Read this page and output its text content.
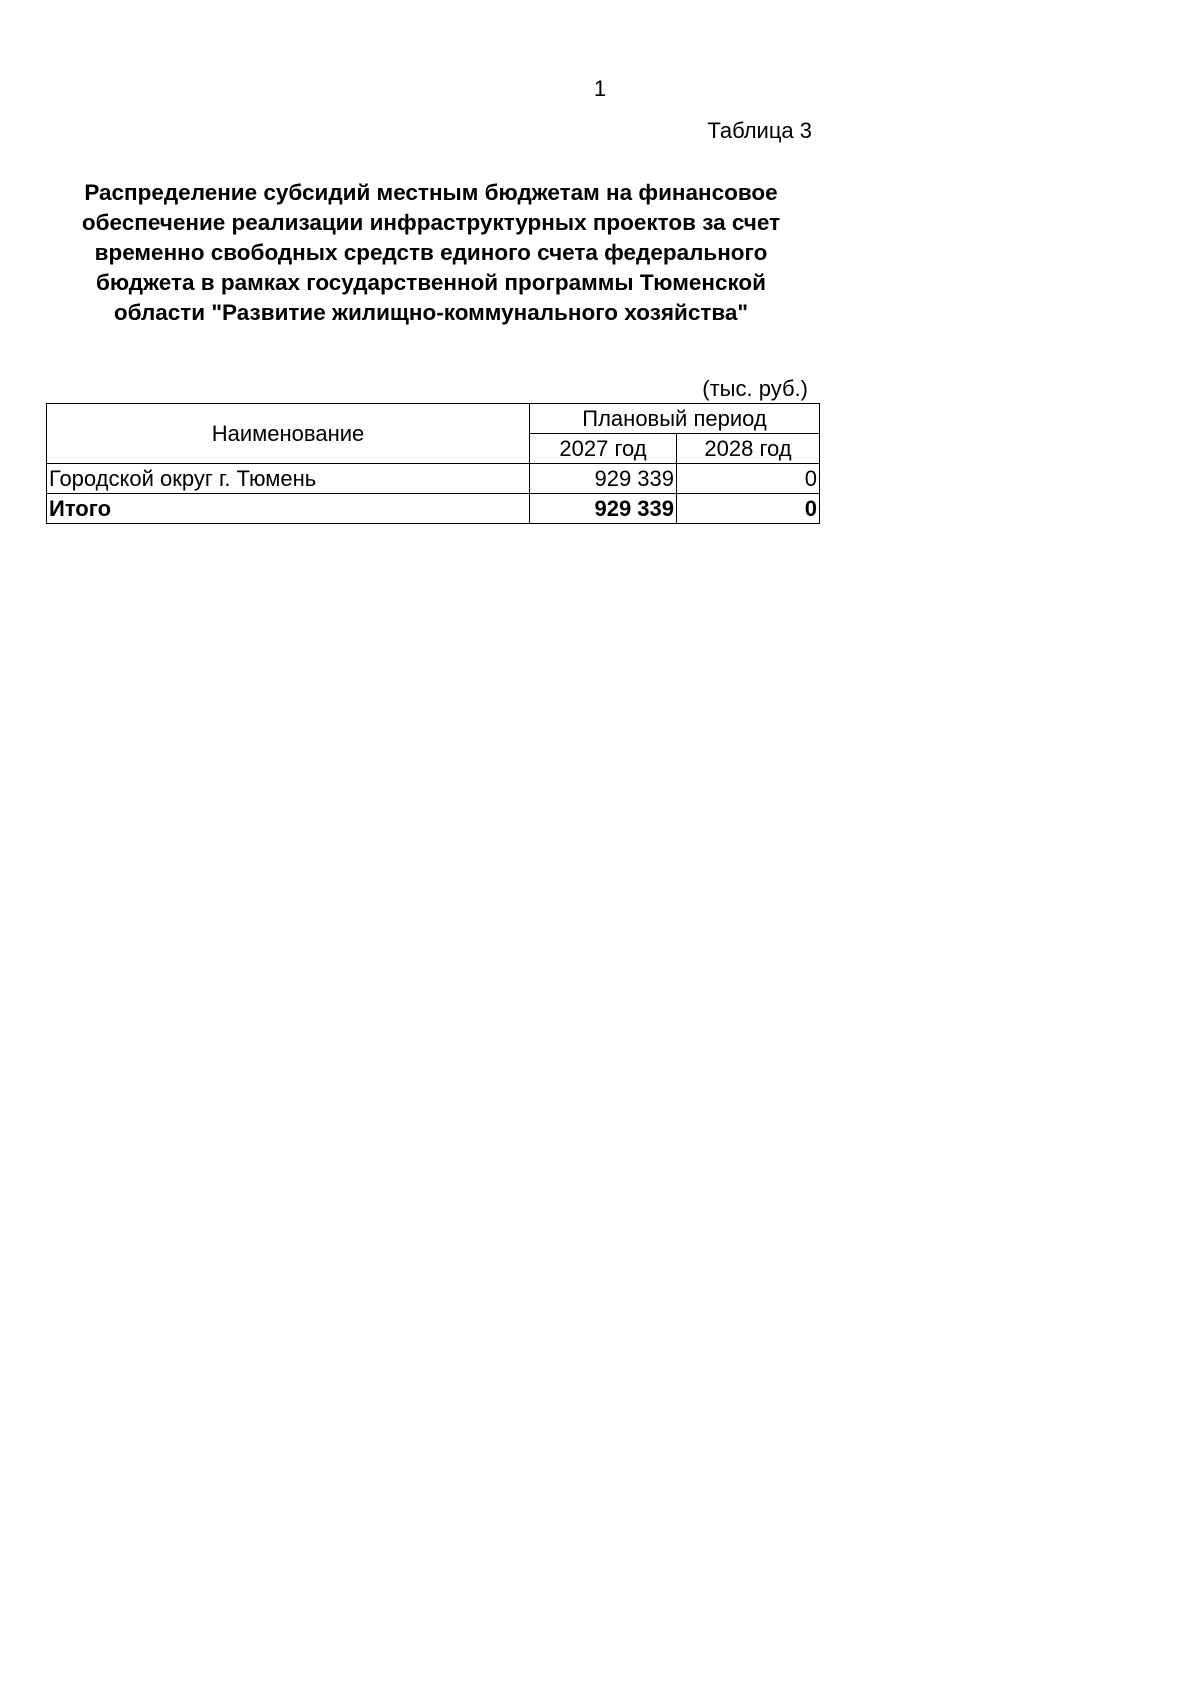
1
Таблица 3
Распределение субсидий местным бюджетам на финансовое
обеспечение реализации инфраструктурных проектов за счет
временно свободных средств единого счета федерального
бюджета в рамках государственной программы Тюменской
области "Развитие жилищно-коммунального хозяйства"
(тыс. руб.)
Наименование	Плановый период	
	2027 год	2028 год
Городской округ г. Тюмень	929 339	0
Итого	929 339	0
